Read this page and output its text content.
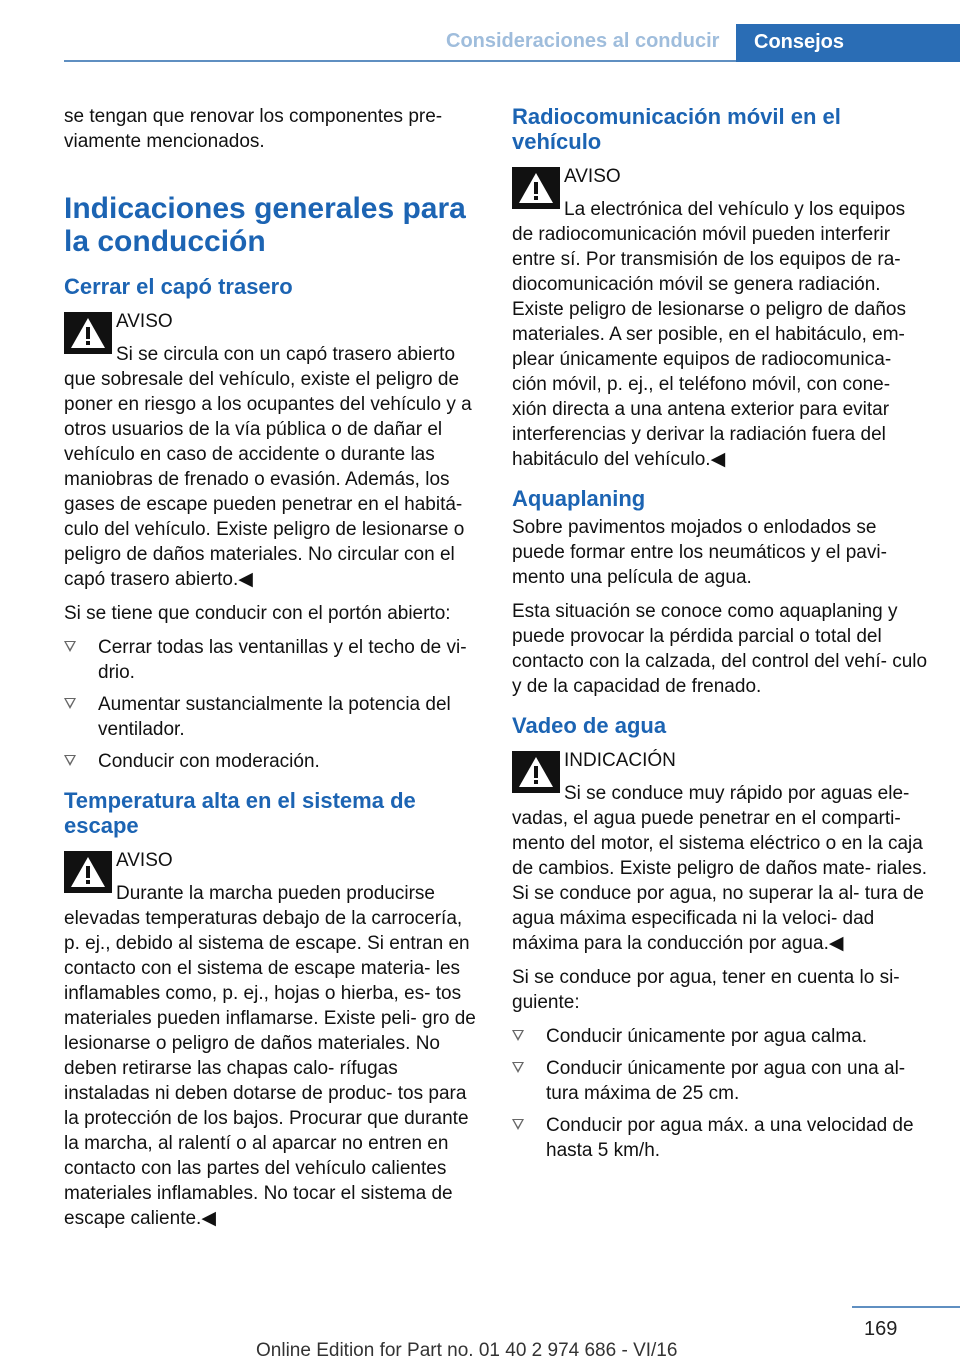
Consideraciones al conducir Consejos

se tengan que renovar los componentes pre‐ viamente mencionados.

Indicaciones generales para la conducción
Cerrar el capó trasero
AVISO
Si se circula con un capó trasero abierto
que sobresale del vehículo, existe el peligro de poner en riesgo a los ocupantes del vehículo y a otros usuarios de la vía pública o de dañar el vehículo en caso de accidente o durante las maniobras de frenado o evasión. Además, los gases de escape pueden penetrar en el habitá‐ culo del vehículo. Existe peligro de lesionarse o peligro de daños materiales. No circular con el capó trasero abierto.◀

Si se tiene que conducir con el portón abierto:

Cerrar todas las ventanillas y el techo de vi‐ drio.
Aumentar sustancialmente la potencia del ventilador.
Conducir con moderación.
Temperatura alta en el sistema de escape
AVISO
Durante la marcha pueden producirse
elevadas temperaturas debajo de la carrocería, p. ej., debido al sistema de escape. Si entran en contacto con el sistema de escape materia‐ les inflamables como, p. ej., hojas o hierba, es‐ tos materiales pueden inflamarse. Existe peli‐ gro de lesionarse o peligro de daños materiales. No deben retirarse las chapas calo‐ rífugas instaladas ni deben dotarse de produc‐ tos para la protección de los bajos. Procurar que durante la marcha, al ralentí o al aparcar no entren en contacto con las partes del vehículo calientes materiales inflamables. No tocar el sistema de escape caliente.◀
Radiocomunicación móvil en el vehículo
AVISO
La electrónica del vehículo y los equipos
de radiocomunicación móvil pueden interferir entre sí. Por transmisión de los equipos de ra‐ diocomunicación móvil se genera radiación. Existe peligro de lesionarse o peligro de daños materiales. A ser posible, en el habitáculo, em‐ plear únicamente equipos de radiocomunica‐ ción móvil, p. ej., el teléfono móvil, con cone‐ xión directa a una antena exterior para evitar interferencias y derivar la radiación fuera del habitáculo del vehículo.◀
Aquaplaning

Sobre pavimentos mojados o enlodados se puede formar entre los neumáticos y el pavi‐ mento una película de agua.

Esta situación se conoce como aquaplaning y puede provocar la pérdida parcial o total del contacto con la calzada, del control del vehí‐ culo y de la capacidad de frenado.

Vadeo de agua
INDICACIÓN
Si se conduce muy rápido por aguas ele‐
vadas, el agua puede penetrar en el comparti‐ mento del motor, el sistema eléctrico o en la caja de cambios. Existe peligro de daños mate‐ riales. Si se conduce por agua, no superar la al‐ tura de agua máxima especificada ni la veloci‐ dad máxima para la conducción por agua.◀

Si se conduce por agua, tener en cuenta lo si‐ guiente:

Conducir únicamente por agua calma.
Conducir únicamente por agua con una al‐ tura máxima de 25 cm.
Conducir por agua máx. a una velocidad de hasta 5 km/h.
169
Online Edition for Part no. 01 40 2 974 686 - VI/16
